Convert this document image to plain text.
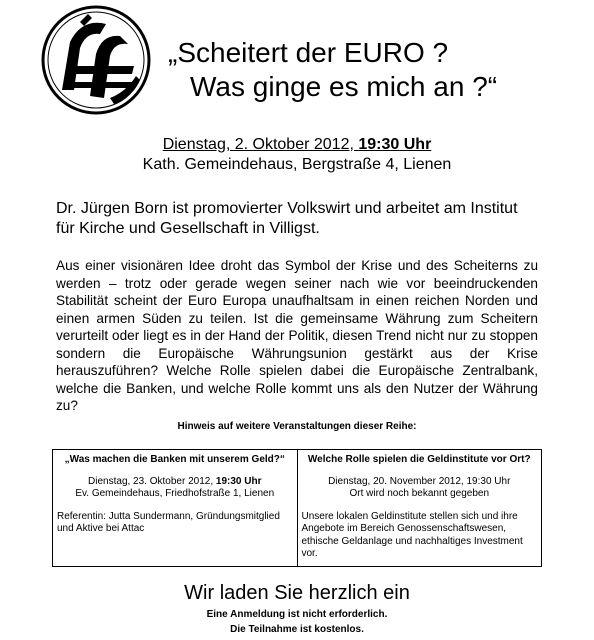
„Scheitert der EURO ?
Was ginge es mich an ?“
Dienstag, 2. Oktober 2012, 19:30 Uhr
Kath. Gemeindehaus, Bergstraße 4, Lienen
Dr. Jürgen Born ist promovierter Volkswirt und arbeitet am Institut für Kirche und Gesellschaft in Villigst.
Aus einer visionären Idee droht das Symbol der Krise und des Scheiterns zu werden – trotz oder gerade wegen seiner nach wie vor beeindruckenden Stabilität scheint der Euro Europa unaufhaltsam in einen reichen Norden und einen armen Süden zu teilen. Ist die gemeinsame Währung zum Scheitern verurteilt oder liegt es in der Hand der Politik, diesen Trend nicht nur zu stoppen sondern die Europäische Währungsunion gestärkt aus der Krise herauszuführen? Welche Rolle spielen dabei die Europäische Zentralbank, welche die Banken, und welche Rolle kommt uns als den Nutzer der Währung zu?
Hinweis auf weitere Veranstaltungen dieser Reihe:
„Was machen die Banken mit unserem Geld?“
Dienstag, 23. Oktober 2012, 19:30 Uhr
Ev. Gemeindehaus, Friedhofstraße 1, Lienen
Referentin: Jutta Sundermann, Gründungsmitglied und Aktive bei Attac

Welche Rolle spielen die Geldinstitute vor Ort?
Dienstag, 20. November 2012, 19:30 Uhr
Ort wird noch bekannt gegeben
Unsere lokalen Geldinstitute stellen sich und ihre Angebote im Bereich Genossenschaftswesen, ethische Geldanlage und nachhaltiges Investment vor.
Wir laden Sie herzlich ein
Eine Anmeldung ist nicht erforderlich.
Die Teilnahme ist kostenlos.
